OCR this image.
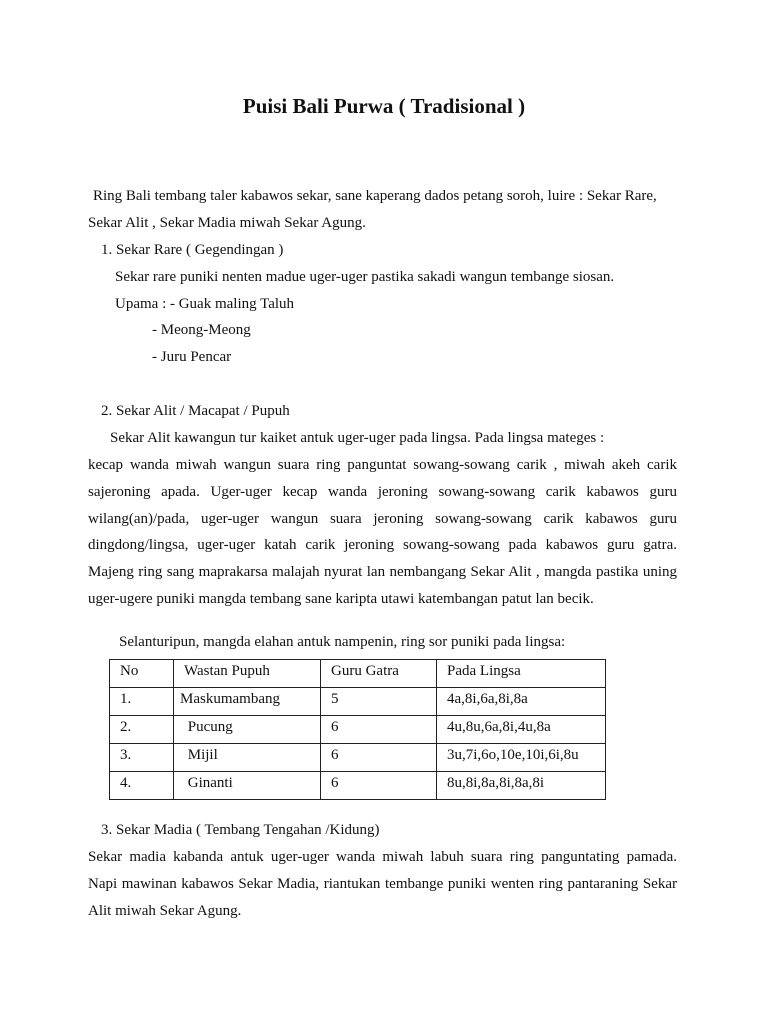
Puisi Bali Purwa ( Tradisional )
Ring Bali tembang taler kabawos sekar, sane kaperang dados petang soroh, luire : Sekar Rare,
Sekar Alit , Sekar Madia miwah Sekar Agung.
1. Sekar Rare ( Gegendingan )
Sekar rare puniki nenten madue uger-uger pastika sakadi wangun tembange siosan.
Upama : - Guak maling Taluh
- Meong-Meong
- Juru Pencar
2. Sekar Alit / Macapat / Pupuh
Sekar Alit kawangun tur kaiket antuk uger-uger pada lingsa. Pada lingsa mateges :
kecap wanda miwah wangun suara ring panguntat sowang-sowang carik , miwah akeh carik
sajeroning apada. Uger-uger kecap wanda jeroning sowang-sowang carik kabawos guru
wilang(an)/pada, uger-uger wangun suara jeroning sowang-sowang carik kabawos guru
dingdong/lingsa, uger-uger katah carik jeroning sowang-sowang pada kabawos guru gatra.
Majeng ring sang maprakarsa malajah nyurat lan nembangang Sekar Alit , mangda pastika uning
uger-ugere puniki mangda tembang sane karipta utawi katembangan patut lan becik.
Selanturipun, mangda elahan antuk nampenin, ring sor puniki pada lingsa:
No	Wastan Pupuh	Guru Gatra	Pada Lingsa
1.	Maskumambang	5	4a,8i,6a,8i,8a
2.	Pucung	6	4u,8u,6a,8i,4u,8a
3.	Mijil	6	3u,7i,6o,10e,10i,6i,8u
4.	Ginanti	6	8u,8i,8a,8i,8a,8i
3. Sekar Madia ( Tembang Tengahan /Kidung)
Sekar madia kabanda antuk uger-uger wanda miwah labuh suara ring panguntating pamada.
Napi mawinan kabawos Sekar Madia, riantukan tembange puniki wenten ring pantaraning Sekar
Alit miwah Sekar Agung.
